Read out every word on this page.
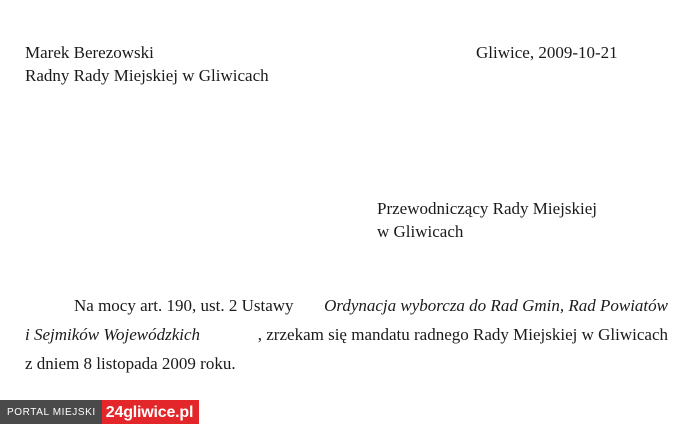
Marek Berezowski
Radny Rady Miejskiej w Gliwicach
Gliwice, 2009-10-21
Przewodniczący Rady Miejskiej
w Gliwicach
Na mocy art. 190, ust. 2 Ustawy Ordynacja wyborcza do Rad Gmin, Rad Powiatów
i Sejmików Wojewódzkich	, zrzekam się mandatu radnego Rady Miejskiej w Gliwicach
z dniem 8 listopada 2009 roku.
PORTAL MIEJSKI 24gliwice.pl
